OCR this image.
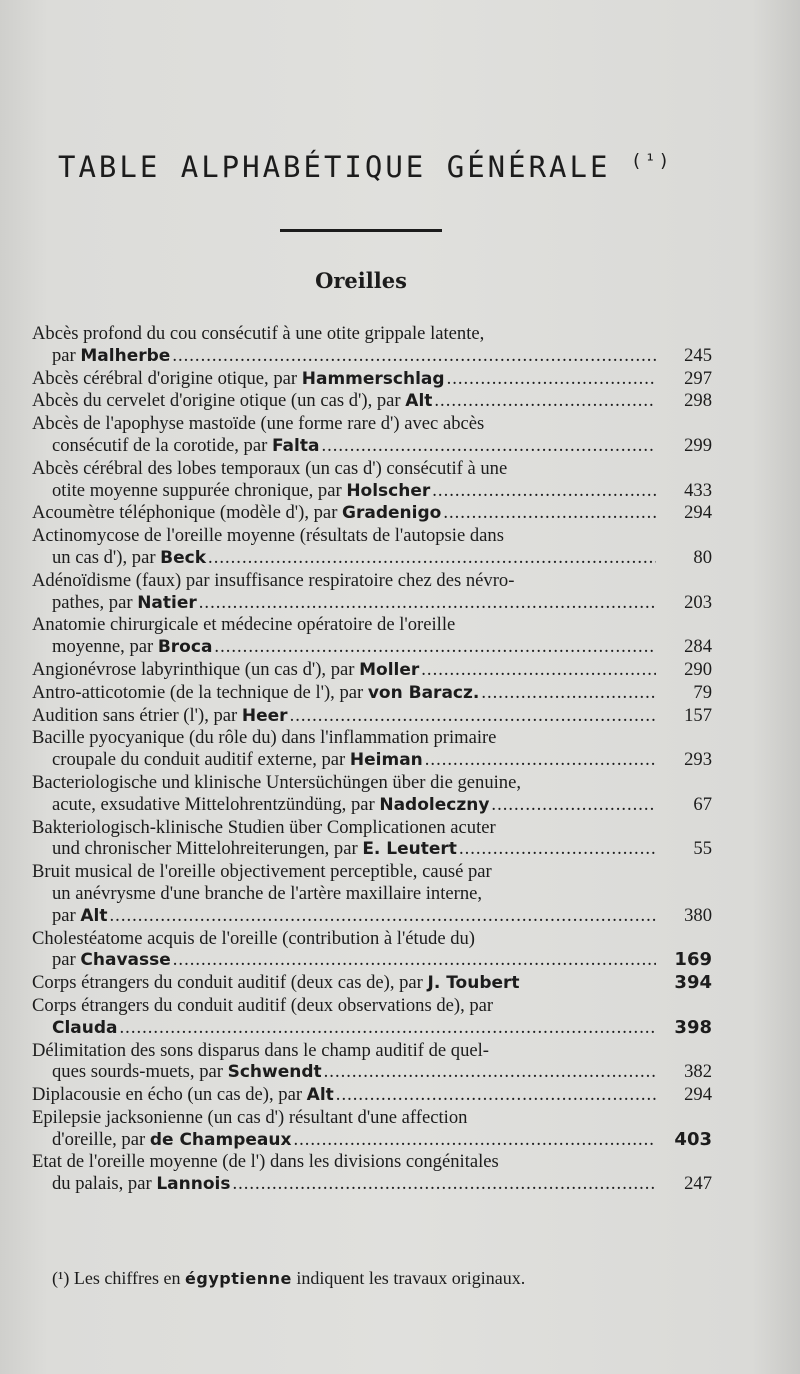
TABLE ALPHABÉTIQUE GÉNÉRALE $^{(^1)}$
Oreilles
Abcès profond du cou consécutif à une otite grippale latente,
par Malherbe .....	245
Abcès cérébral d'origine otique, par Hammerschlag .....	297
Abcès du cervelet d'origine otique (un cas d'), par Alt .....	298
Abcès de l'apophyse mastoïde (une forme rare d') avec abcès
consécutif de la corotide, par Falta .....	299
Abcès cérébral des lobes temporaux (un cas d') consécutif à une
otite moyenne suppurée chronique, par Holscher .....	433
Acoumètre téléphonique (modèle d'), par Gradenigo .....	294
Actinomycose de l'oreille moyenne (résultats de l'autopsie dans
un cas d'), par Beck .....	80
Adénoïdisme (faux) par insuffisance respiratoire chez des névro-
pathes, par Natier .....	203
Anatomie chirurgicale et médecine opératoire de l'oreille
moyenne, par Broca .....	284
Angionévrose labyrinthique (un cas d'), par Moller .....	290
Antro-atticotomie (de la technique de l'), par von Baracz. .....	79
Audition sans étrier (l'), par Heer .....	157
Bacille pyocyanique (du rôle du) dans l'inflammation primaire
croupale du conduit auditif externe, par Heiman .....	293
Bacteriologische und klinische Untersüchüngen über die genuine,
acute, exsudative Mittelohrentzündüng, par Nadoleczny .....	67
Bakteriologisch-klinische Studien über Complicationen acuter
und chronischer Mittelohreiterungen, par E. Leutert .....	55
Bruit musical de l'oreille objectivement perceptible, causé par
un anévrysme d'une branche de l'artère maxillaire interne,
par Alt .....	380
Cholestéatome acquis de l'oreille (contribution à l'étude du)
par Chavasse .....	169
Corps étrangers du conduit auditif (deux cas de), par J. Toubert	394
Corps étrangers du conduit auditif (deux observations de), par
Clauda .....	398
Délimitation des sons disparus dans le champ auditif de quel-
ques sourds-muets, par Schwendt .....	382
Diplacousie en écho (un cas de), par Alt .....	294
Epilepsie jacksonienne (un cas d') résultant d'une affection
d'oreille, par de Champeaux .....	403
Etat de l'oreille moyenne (de l') dans les divisions congénitales
du palais, par Lannois .....	247
(¹) Les chiffres en égyptienne indiquent les travaux originaux.
